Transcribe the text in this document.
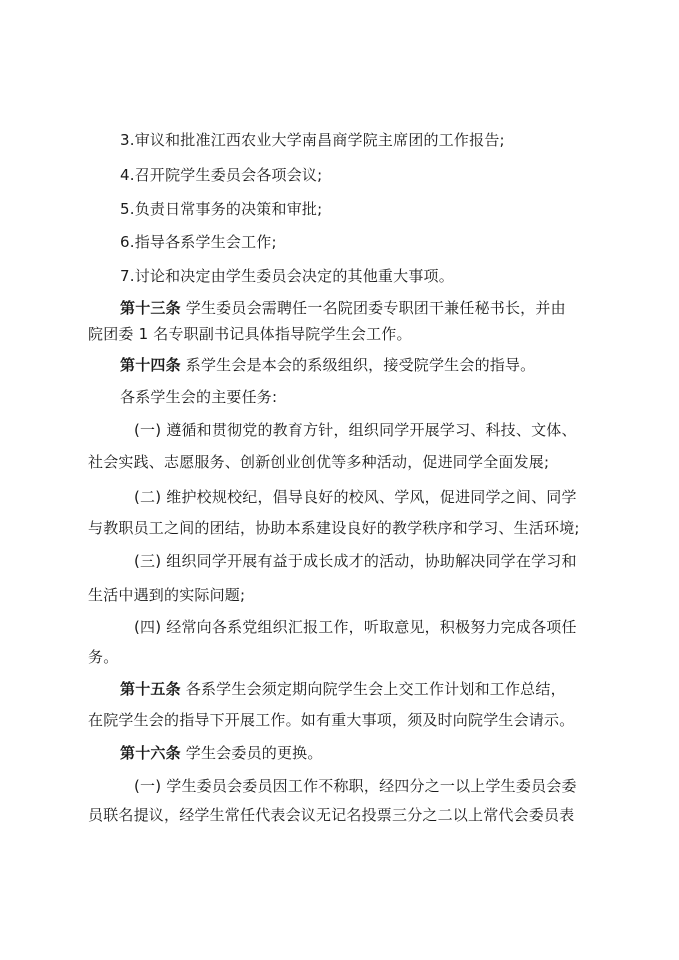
3.审议和批准江西农业大学南昌商学院主席团的工作报告;
4.召开院学生委员会各项会议;
5.负责日常事务的决策和审批;
6.指导各系学生会工作;
7.讨论和决定由学生委员会决定的其他重大事项。
第十三条 学生委员会需聘任一名院团委专职团干兼任秘书长，并由
院团委 1 名专职副书记具体指导院学生会工作。
第十四条 系学生会是本会的系级组织，接受院学生会的指导。
各系学生会的主要任务:
(一) 遵循和贯彻党的教育方针，组织同学开展学习、科技、文体、
社会实践、志愿服务、创新创业创优等多种活动，促进同学全面发展;
(二) 维护校规校纪，倡导良好的校风、学风，促进同学之间、同学
与教职员工之间的团结，协助本系建设良好的教学秩序和学习、生活环境;
(三) 组织同学开展有益于成长成才的活动，协助解决同学在学习和
生活中遇到的实际问题;
(四) 经常向各系党组织汇报工作，听取意见，积极努力完成各项任
务。
第十五条 各系学生会须定期向院学生会上交工作计划和工作总结，
在院学生会的指导下开展工作。如有重大事项，须及时向院学生会请示。
第十六条 学生会委员的更换。
(一) 学生委员会委员因工作不称职，经四分之一以上学生委员会委
员联名提议，经学生常任代表会议无记名投票三分之二以上常代会委员表
